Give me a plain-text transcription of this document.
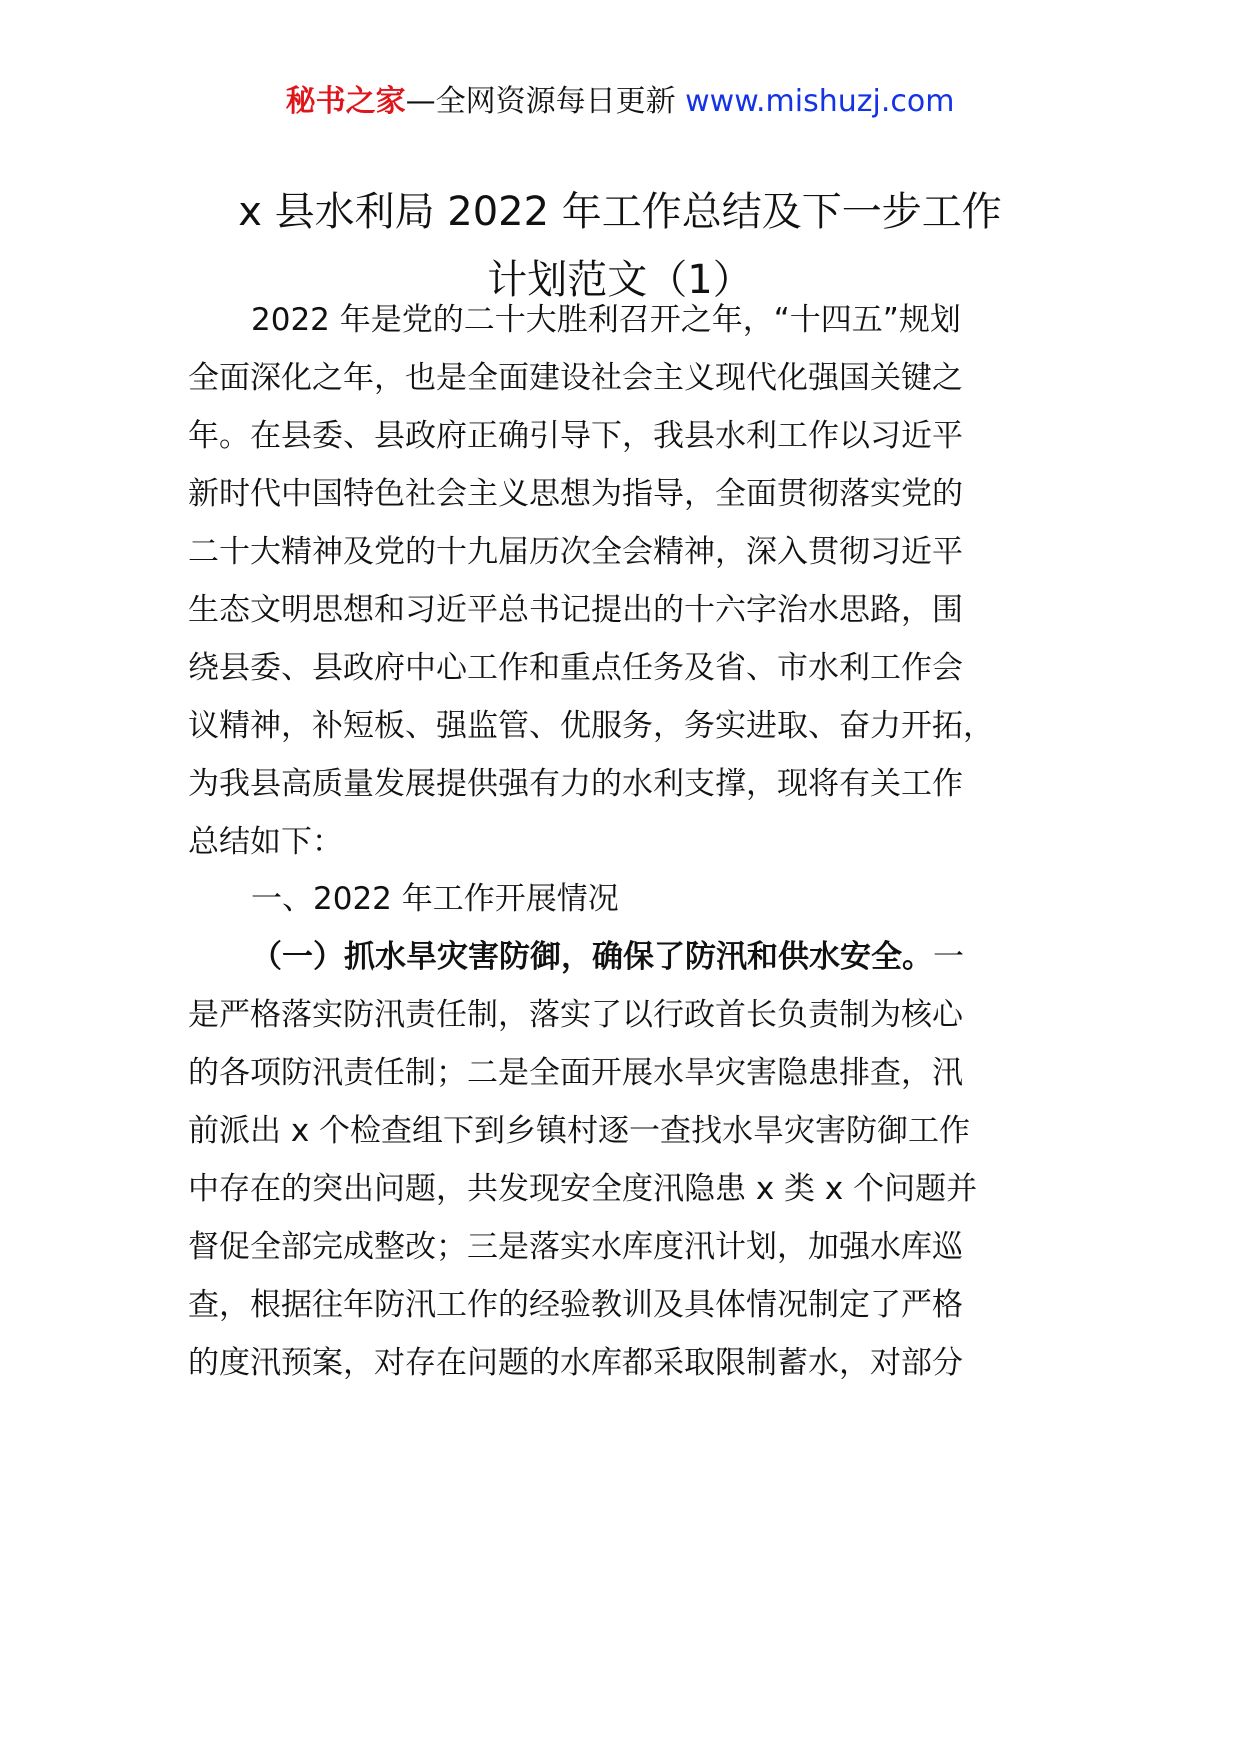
秘书之家—全网资源每日更新 www.mishuzj.com
x 县水利局 2022 年工作总结及下一步工作
计划范文（1）
2022 年是党的二十大胜利召开之年，“十四五”规划
全面深化之年，也是全面建设社会主义现代化强国关键之
年。在县委、县政府正确引导下，我县水利工作以习近平
新时代中国特色社会主义思想为指导，全面贯彻落实党的
二十大精神及党的十九届历次全会精神，深入贯彻习近平
生态文明思想和习近平总书记提出的十六字治水思路，围
绕县委、县政府中心工作和重点任务及省、市水利工作会
议精神，补短板、强监管、优服务，务实进取、奋力开拓，
为我县高质量发展提供强有力的水利支撑，现将有关工作
总结如下：
一、2022 年工作开展情况
（一）抓水旱灾害防御，确保了防汛和供水安全。一
是严格落实防汛责任制，落实了以行政首长负责制为核心
的各项防汛责任制；二是全面开展水旱灾害隐患排查，汛
前派出 x 个检查组下到乡镇村逐一查找水旱灾害防御工作
中存在的突出问题，共发现安全度汛隐患 x 类 x 个问题并
督促全部完成整改；三是落实水库度汛计划，加强水库巡
查，根据往年防汛工作的经验教训及具体情况制定了严格
的度汛预案，对存在问题的水库都采取限制蓄水，对部分
